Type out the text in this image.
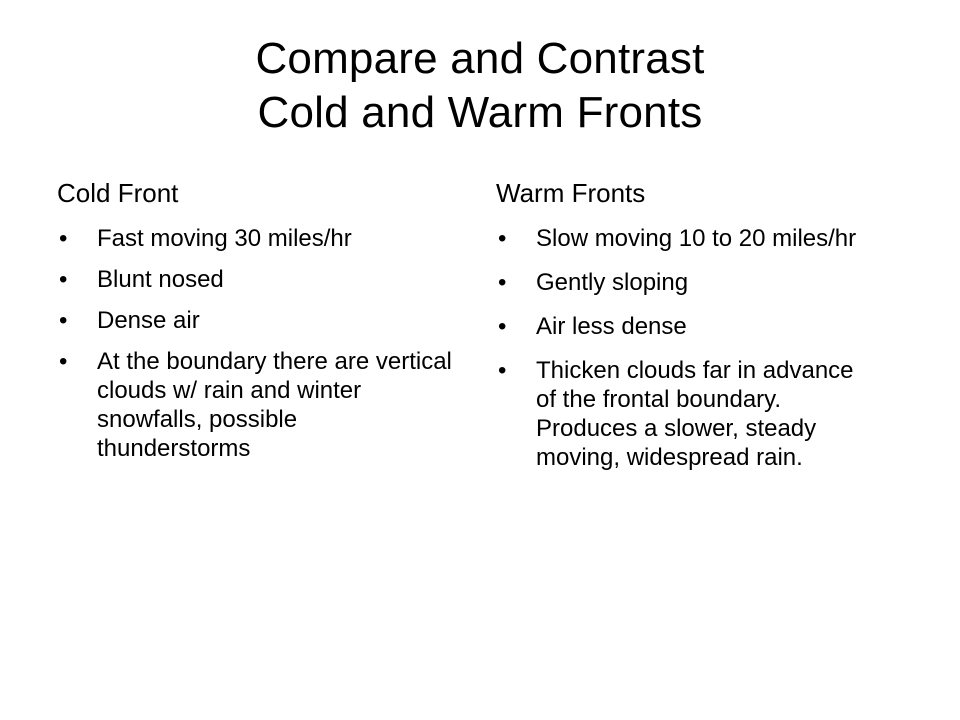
Compare and Contrast
Cold and Warm Fronts
Cold Front
•	Fast moving 30 miles/hr
•	Blunt nosed
•	Dense air
•	At the boundary there are vertical clouds w/ rain and winter snowfalls, possible thunderstorms
Warm Fronts
•	Slow moving 10 to 20 miles/hr
•	Gently sloping
•	Air less dense
•	Thicken clouds far in advance of the frontal boundary. Produces a slower, steady moving, widespread rain.
